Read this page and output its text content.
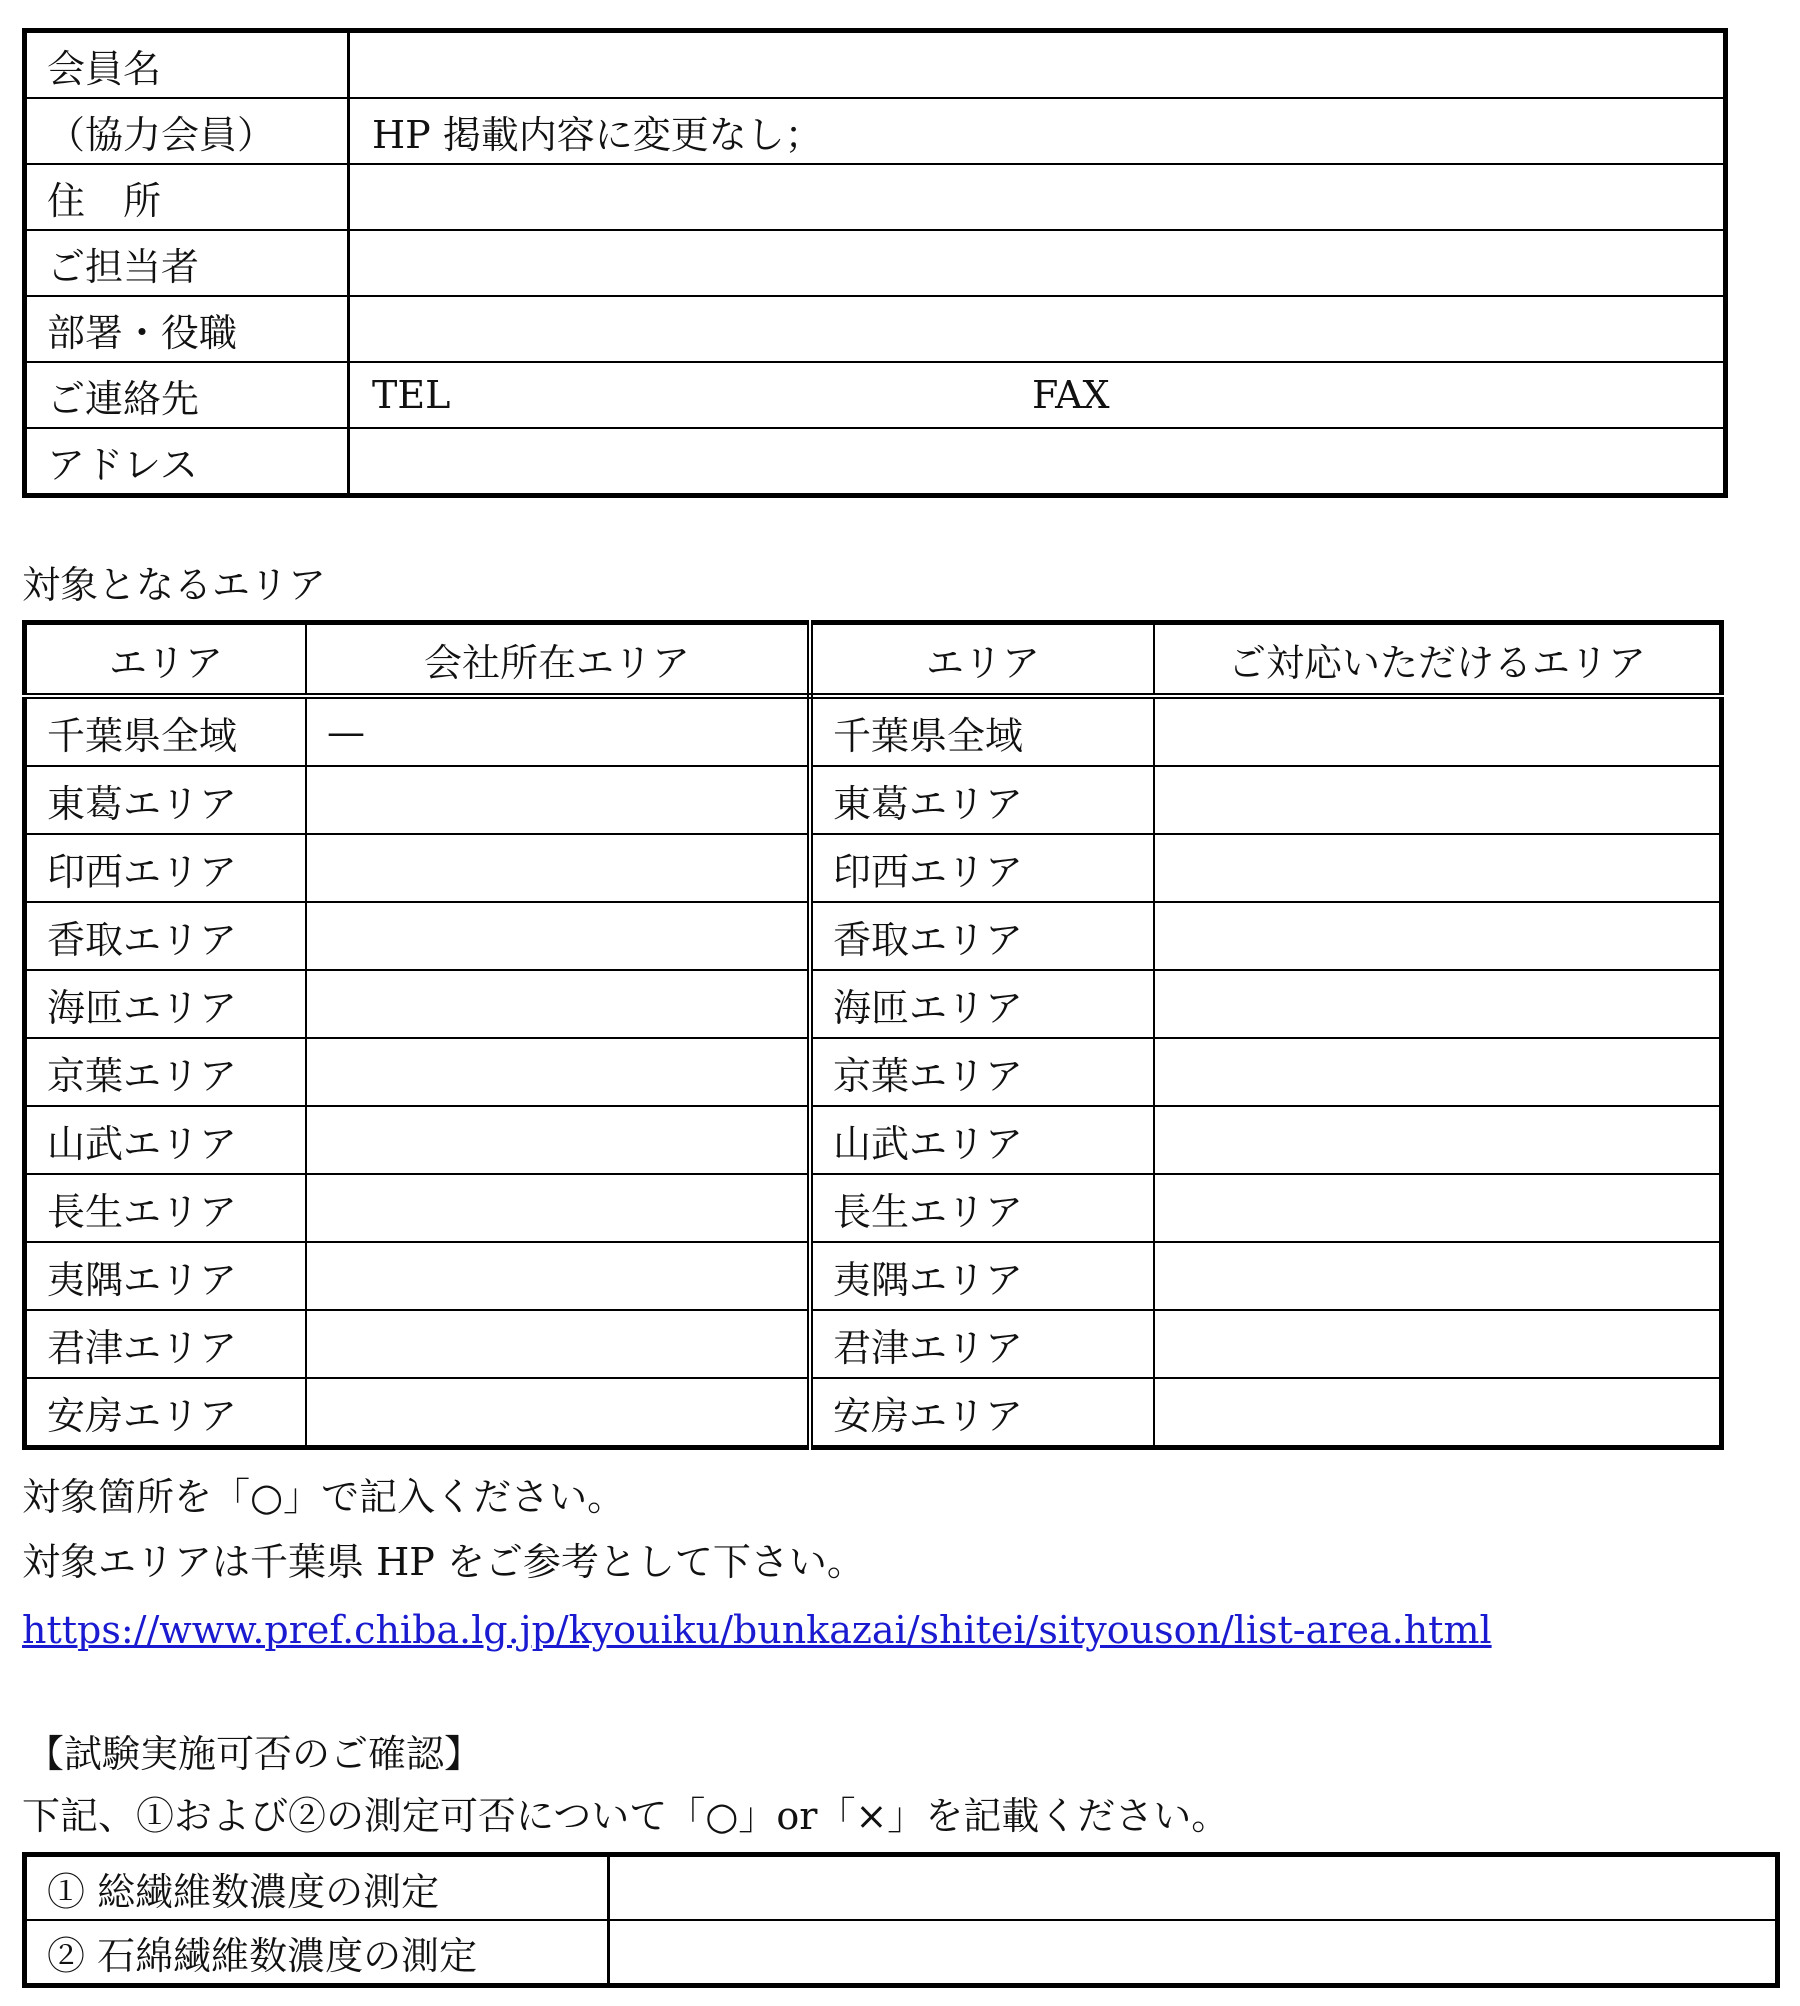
会員名	
（協力会員）	HP 掲載内容に変更なし；
住　所	
ご担当者	
部署・役職	
ご連絡先	TEL FAX

アドレス	
対象となるエリア
エリア	会社所在エリア	エリア	ご対応いただけるエリア
千葉県全域	—	千葉県全域	
東葛エリア		東葛エリア	
印西エリア		印西エリア	
香取エリア		香取エリア	
海匝エリア		海匝エリア	
京葉エリア		京葉エリア	
山武エリア		山武エリア	
長生エリア		長生エリア	
夷隅エリア		夷隅エリア	
君津エリア		君津エリア	
安房エリア		安房エリア	
対象箇所を「○」で記入ください。
対象エリアは千葉県 HP をご参考として下さい。
https://www.pref.chiba.lg.jp/kyouiku/bunkazai/shitei/sityouson/list-area.html
【試験実施可否のご確認】
下記、①および②の測定可否について「○」or「×」を記載ください。
① 総繊維数濃度の測定	
② 石綿繊維数濃度の測定	
